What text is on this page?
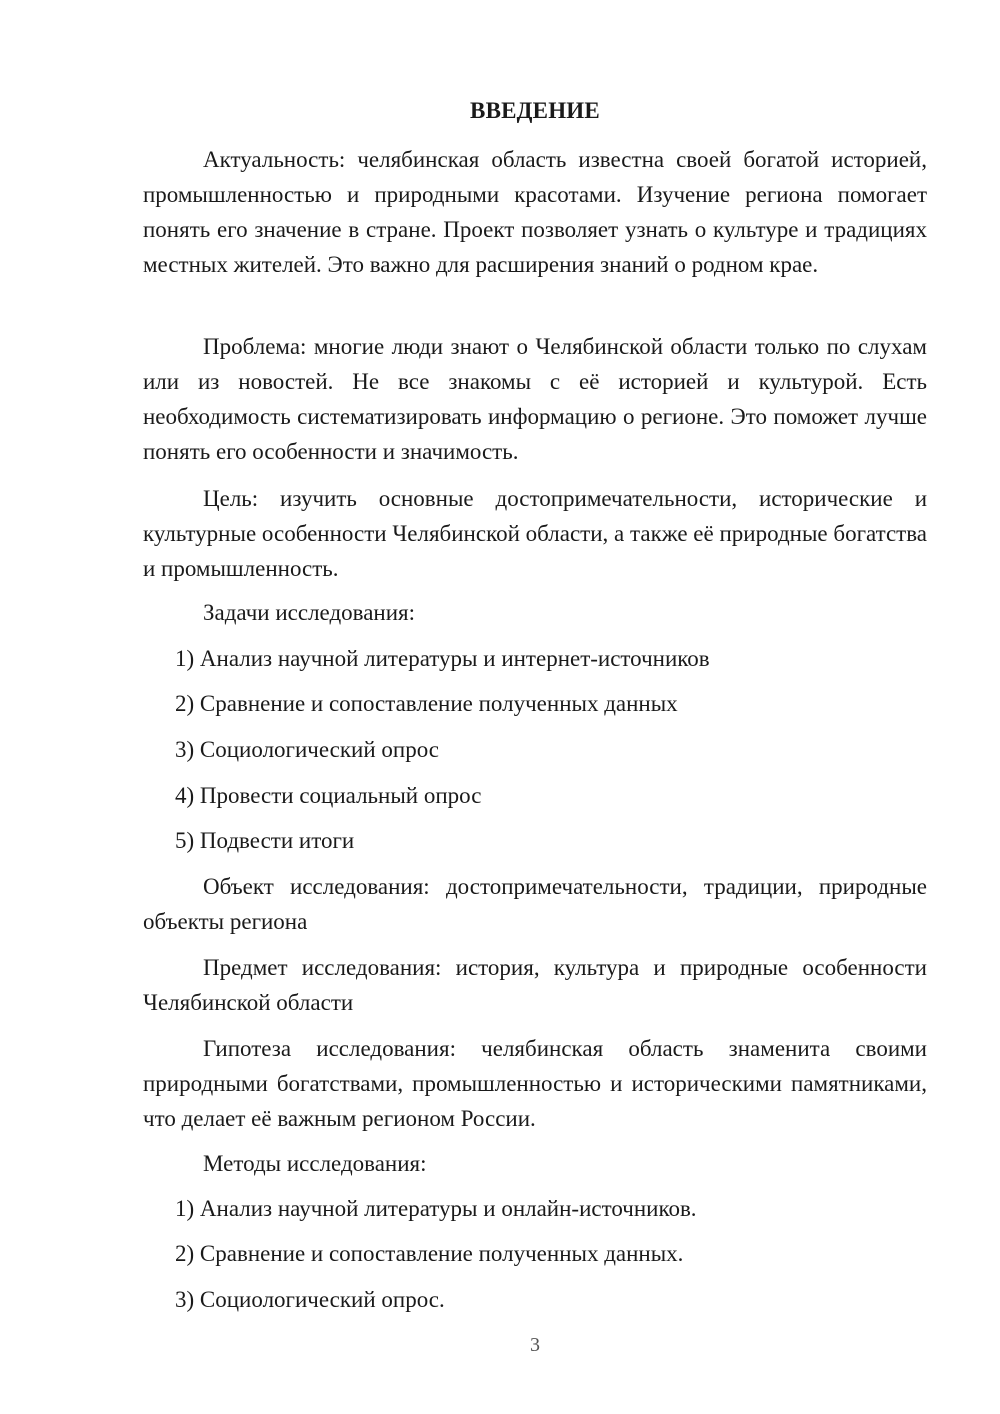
ВВЕДЕНИЕ

Актуальность: челябинская область известна своей богатой историей, промышленностью и природными красотами. Изучение региона помогает понять его значение в стране. Проект позволяет узнать о культуре и традициях местных жителей. Это важно для расширения знаний о родном крае.

Проблема: многие люди знают о Челябинской области только по слухам или из новостей. Не все знакомы с её историей и культурой. Есть необходимость систематизировать информацию о регионе. Это поможет лучше понять его особенности и значимость.

Цель: изучить основные достопримечательности, исторические и культурные особенности Челябинской области, а также её природные богатства и промышленность.

Задачи исследования:

1) Анализ научной литературы и интернет-источников

2) Сравнение и сопоставление полученных данных

3) Социологический опрос

4) Провести социальный опрос

5) Подвести итоги

Объект исследования: достопримечательности, традиции, природные объекты региона

Предмет исследования: история, культура и природные особенности Челябинской области

Гипотеза исследования: челябинская область знаменита своими природными богатствами, промышленностью и историческими памятниками, что делает её важным регионом России.

Методы исследования:

1) Анализ научной литературы и онлайн-источников.

2) Сравнение и сопоставление полученных данных.

3) Социологический опрос.

3
